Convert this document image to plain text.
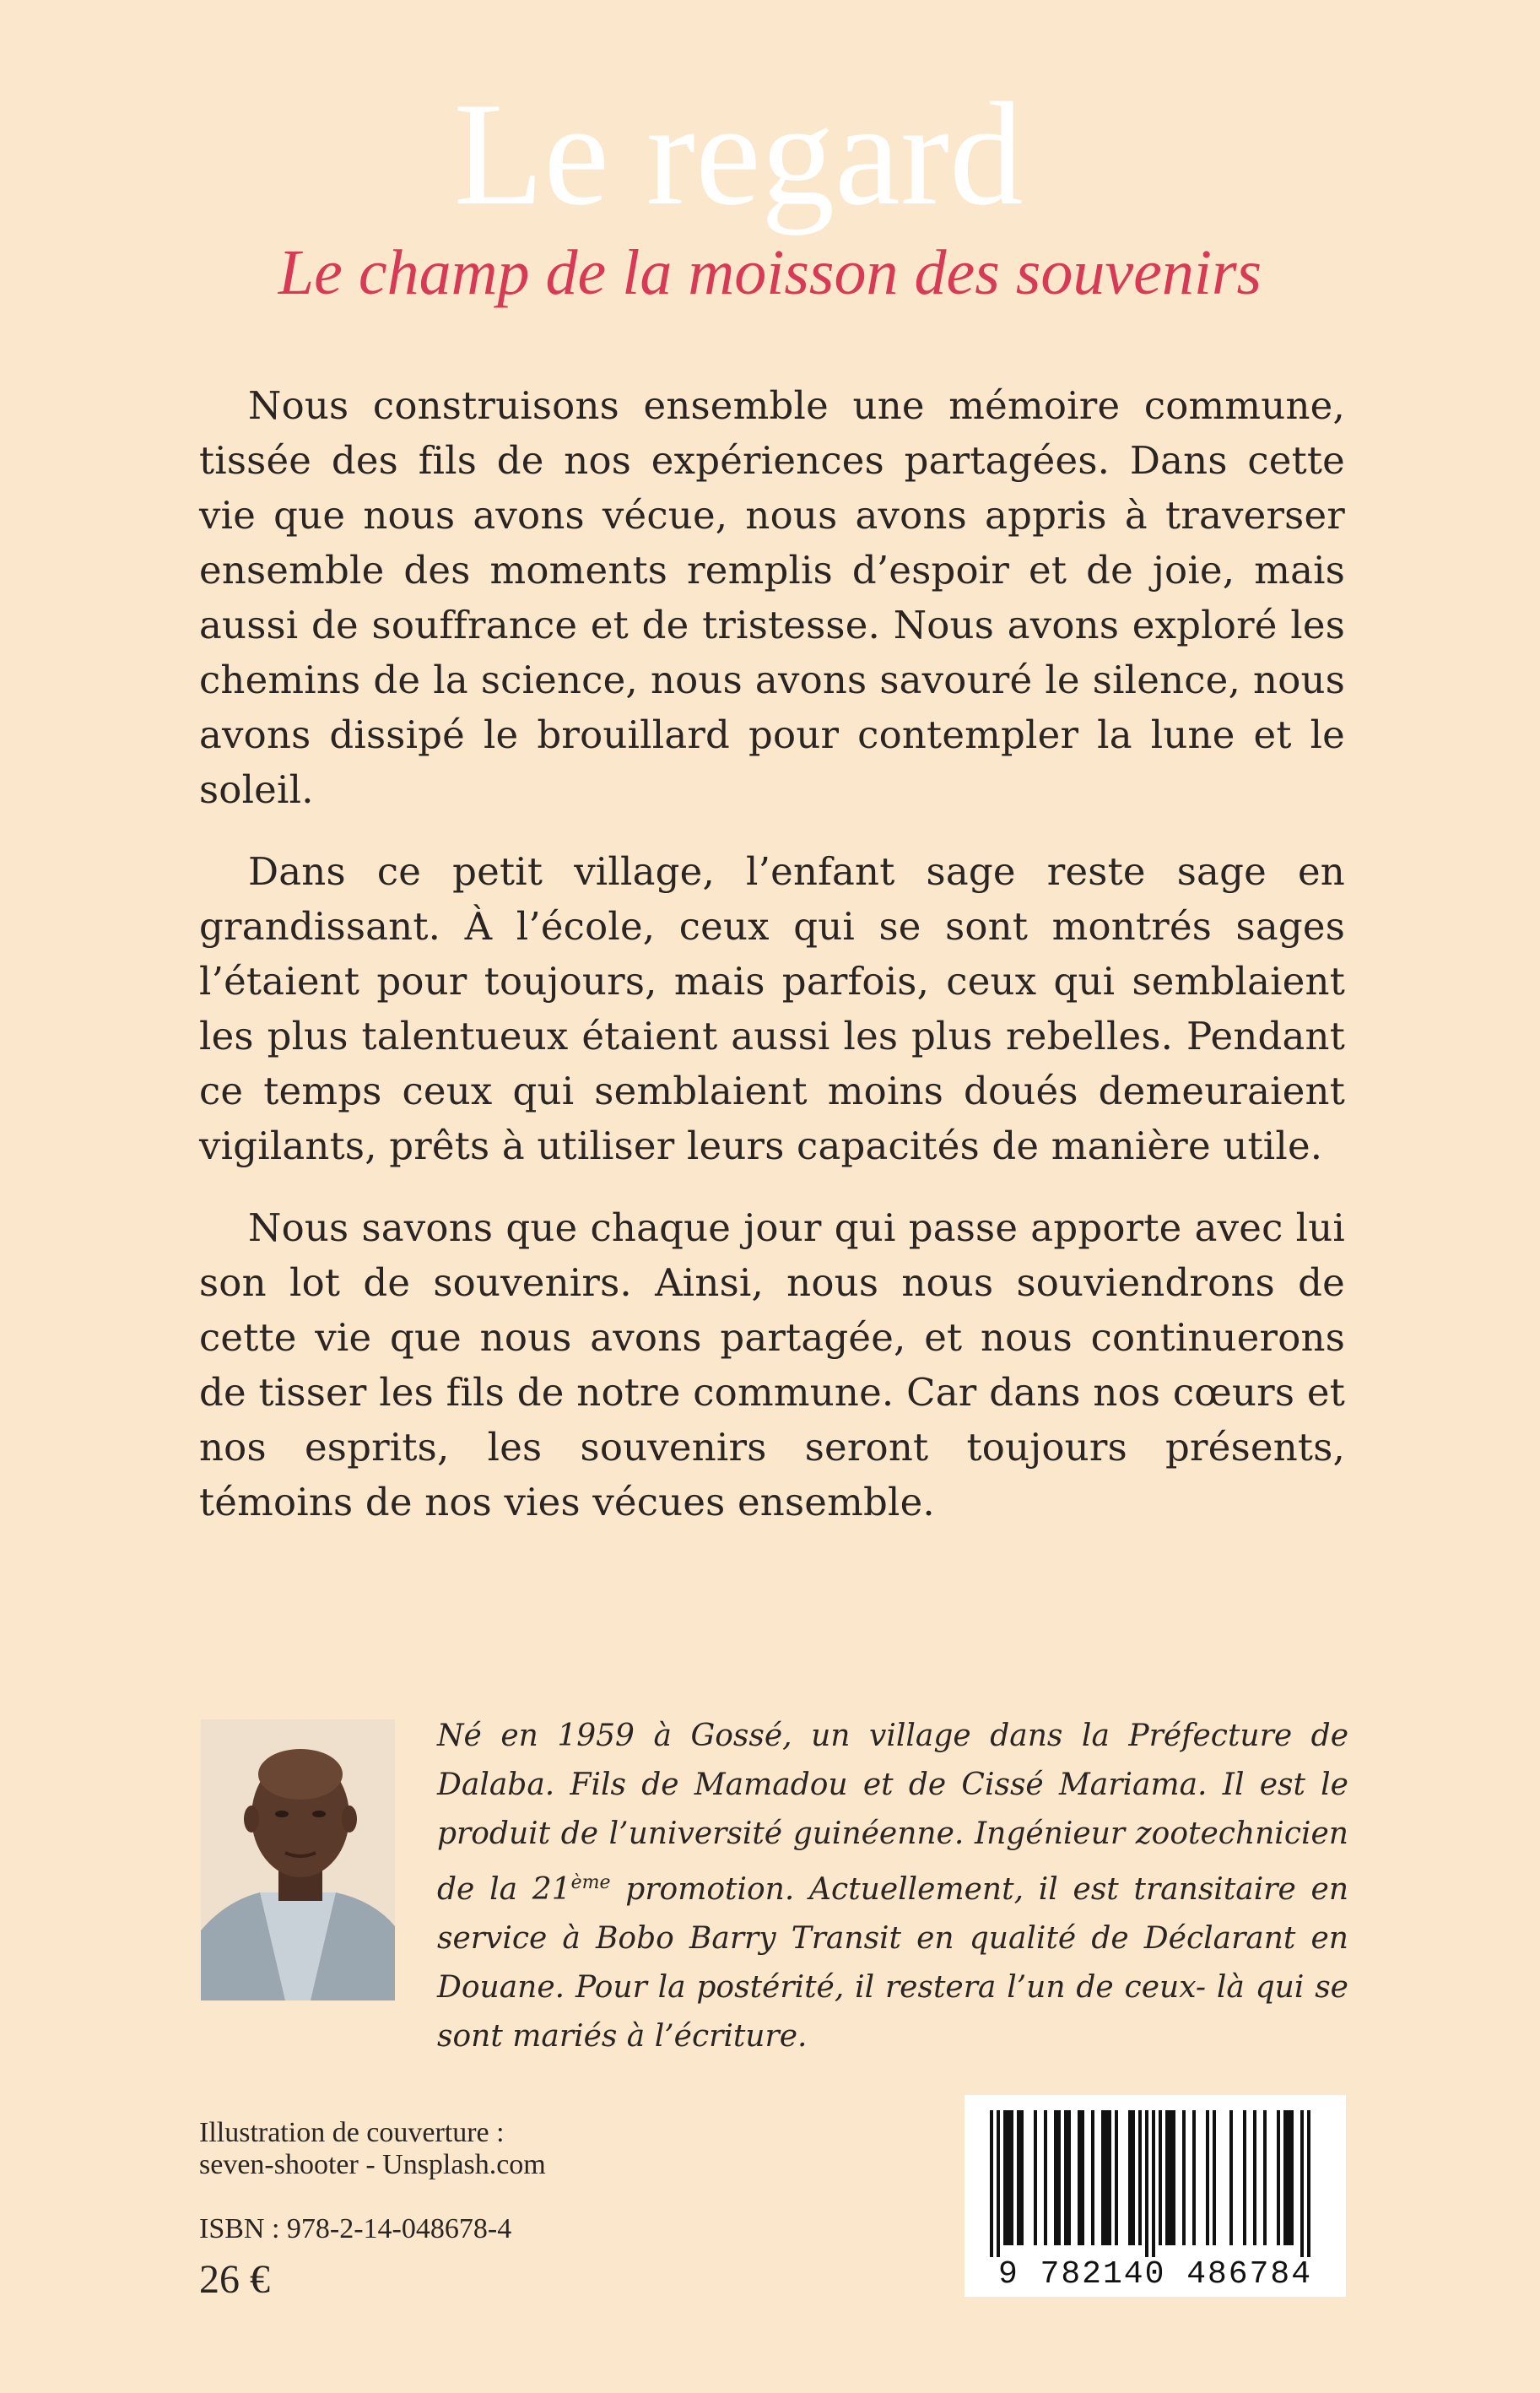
Le regard
Le champ de la moisson des souvenirs

Nous construisons ensemble une mémoire commune, tissée des fils de nos expériences partagées. Dans cette vie que nous avons vécue, nous avons appris à traverser ensemble des moments remplis d’espoir et de joie, mais aussi de souffrance et de tristesse. Nous avons exploré les chemins de la science, nous avons savouré le silence, nous avons dissipé le brouillard pour contempler la lune et le soleil.

Dans ce petit village, l’enfant sage reste sage en grandissant. À l’école, ceux qui se sont montrés sages l’étaient pour toujours, mais parfois, ceux qui semblaient les plus talentueux étaient aussi les plus rebelles. Pendant ce temps ceux qui semblaient moins doués demeuraient vigilants, prêts à utiliser leurs capacités de manière utile.

Nous savons que chaque jour qui passe apporte avec lui son lot de souvenirs. Ainsi, nous nous souviendrons de cette vie que nous avons partagée, et nous continuerons de tisser les fils de notre commune. Car dans nos cœurs et nos esprits, les souvenirs seront toujours présents, témoins de nos vies vécues ensemble.

Né en 1959 à Gossé, un village dans la Préfecture de Dalaba. Fils de Mamadou et de Cissé Mariama. Il est le produit de l’université guinéenne. Ingénieur zootechnicien de la 21ème promotion. Actuellement, il est transitaire en service à Bobo Barry Transit en qualité de Déclarant en Douane. Pour la postérité, il restera l’un de ceux- là qui se sont mariés à l’écriture.
Illustration de couverture :
seven-shooter - Unsplash.com
ISBN : 978-2-14-048678-4
26 €	9 782140 486784
